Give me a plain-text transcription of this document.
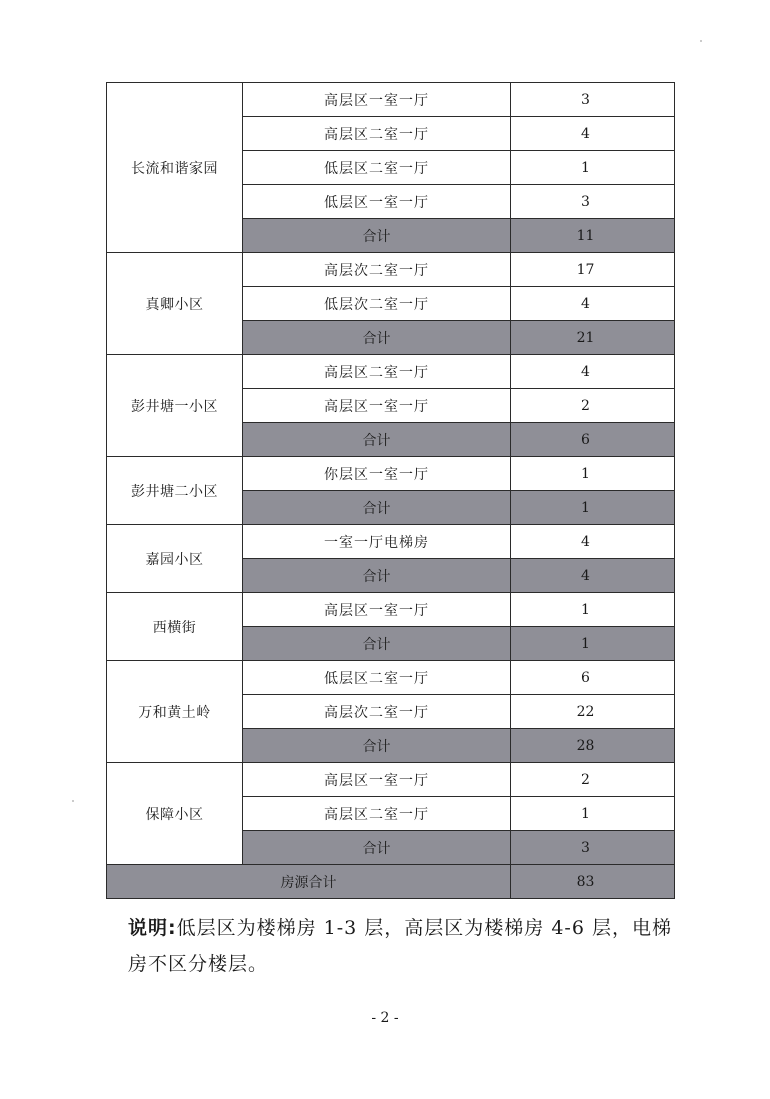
长流和谐家园	高层区一室一厅	3
	高层区二室一厅	4
	低层区二室一厅	1
	低层区一室一厅	3
	合计	11
真卿小区	高层次二室一厅	17
	低层次二室一厅	4
	合计	21
彭井塘一小区	高层区二室一厅	4
	高层区一室一厅	2
	合计	6
彭井塘二小区	你层区一室一厅	1
	合计	1
嘉园小区	一室一厅电梯房	4
	合计	4
西横街	高层区一室一厅	1
	合计	1
万和黄土岭	低层区二室一厅	6
	高层次二室一厅	22
	合计	28
保障小区	高层区一室一厅	2
	高层区二室一厅	1
	合计	3
房源合计		83
说明:低层区为楼梯房 1-3 层，高层区为楼梯房 4-6 层，电梯房不区分楼层。
- 2 -
